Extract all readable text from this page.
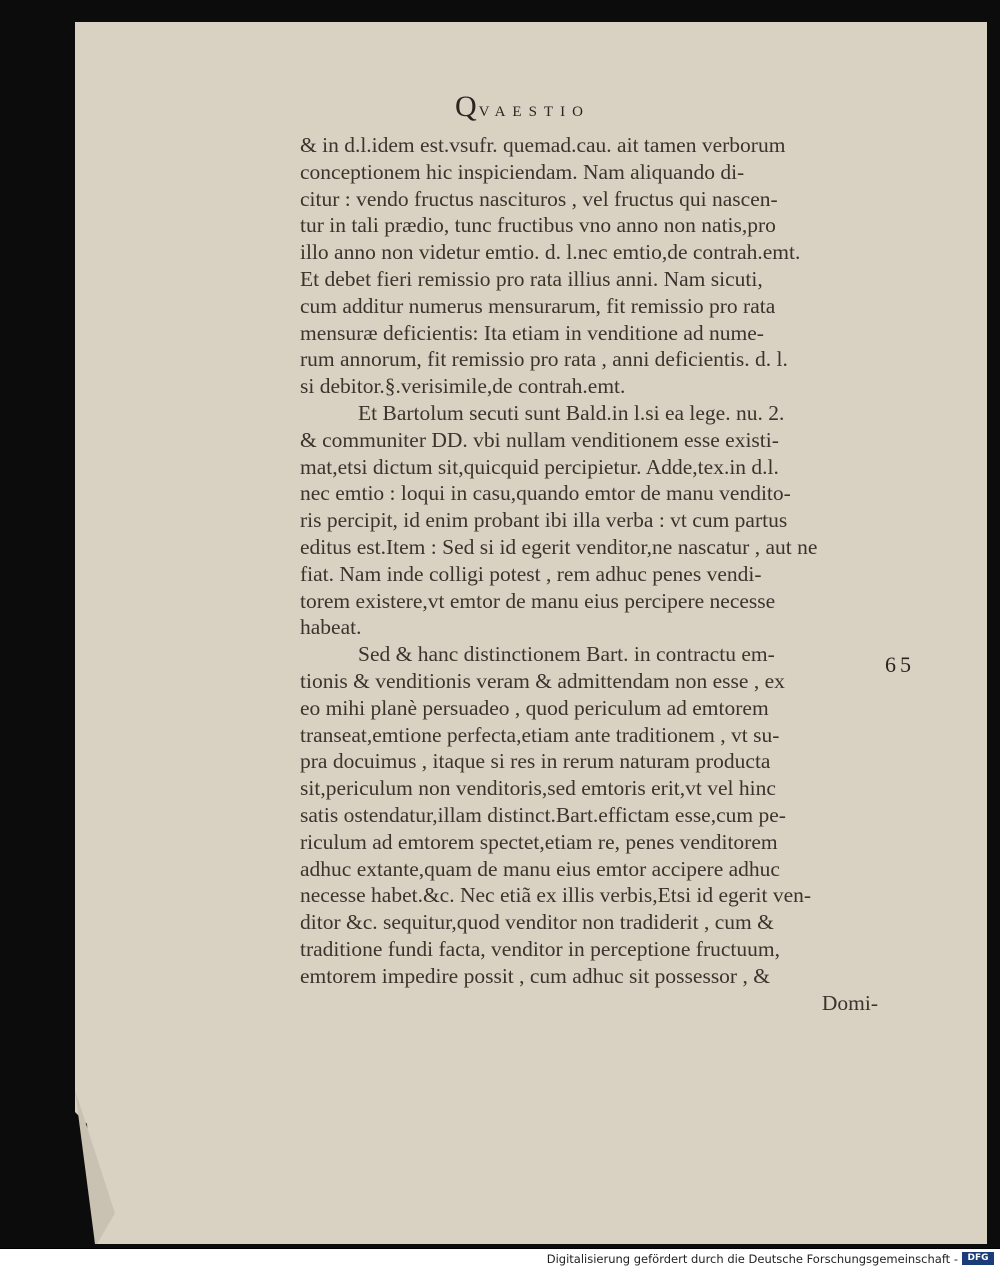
QVAESTIO
& in d.l.idem est.vsufr. quemad.cau. ait tamen verborum
conceptionem hic inspiciendam. Nam aliquando di-
citur : vendo fructus nascituros , vel fructus qui nascen-
tur in tali prædio, tunc fructibus vno anno non natis,pro
illo anno non videtur emtio. d. l.nec emtio,de contrah.emt.
Et debet fieri remissio pro rata illius anni. Nam sicuti,
cum additur numerus mensurarum, fit remissio pro rata
mensuræ deficientis: Ita etiam in venditione ad nume-
rum annorum, fit remissio pro rata , anni deficientis. d. l.
si debitor.§.verisimile,de contrah.emt.
Et Bartolum secuti sunt Bald.in l.si ea lege. nu. 2.
& communiter DD. vbi nullam venditionem esse existi-
mat,etsi dictum sit,quicquid percipietur. Adde,tex.in d.l.
nec emtio : loqui in casu,quando emtor de manu vendito-
ris percipit, id enim probant ibi illa verba : vt cum partus
editus est.Item : Sed si id egerit venditor,ne nascatur , aut ne
fiat. Nam inde colligi potest , rem adhuc penes vendi-
torem existere,vt emtor de manu eius percipere necesse
habeat.
Sed & hanc distinctionem Bart. in contractu em-
tionis & venditionis veram & admittendam non esse , ex
eo mihi planè persuadeo , quod periculum ad emtorem
transeat,emtione perfecta,etiam ante traditionem , vt su-
pra docuimus , itaque si res in rerum naturam producta
sit,periculum non venditoris,sed emtoris erit,vt vel hinc
satis ostendatur,illam distinct.Bart.effictam esse,cum pe-
riculum ad emtorem spectet,etiam re, penes venditorem
adhuc extante,quam de manu eius emtor accipere adhuc
necesse habet.&c. Nec etiã ex illis verbis,Etsi id egerit ven-
ditor &c. sequitur,quod venditor non tradiderit , cum &
traditione fundi facta, venditor in perceptione fructuum,
emtorem impedire possit , cum adhuc sit possessor , &
Domi-
65
Digitalisierung gefördert durch die Deutsche Forschungsgemeinschaft -	DFG
